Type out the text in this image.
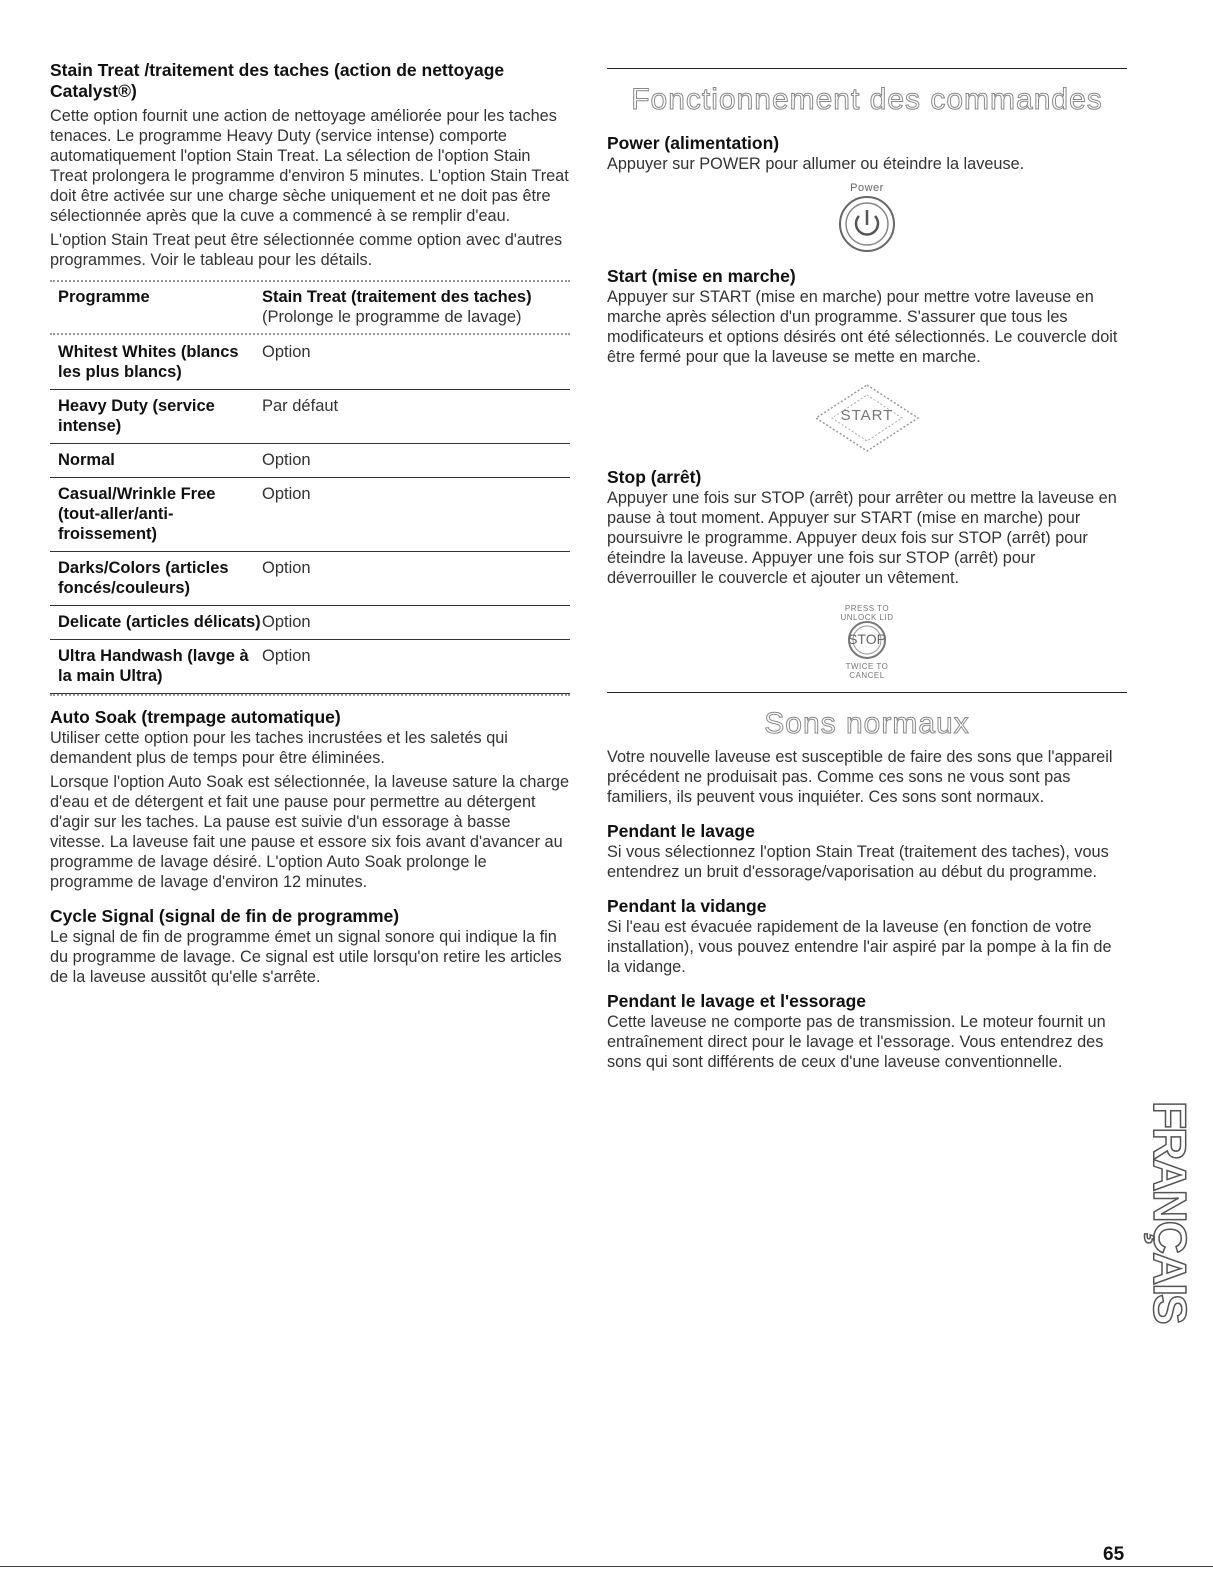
Stain Treat /traitement des taches (action de nettoyage Catalyst®)

Cette option fournit une action de nettoyage améliorée pour les taches tenaces. Le programme Heavy Duty (service intense) comporte automatiquement l'option Stain Treat. La sélection de l'option Stain Treat prolongera le programme d'environ 5 minutes. L'option Stain Treat doit être activée sur une charge sèche uniquement et ne doit pas être sélectionnée après que la cuve a commencé à se remplir d'eau.

L'option Stain Treat peut être sélectionnée comme option avec d'autres programmes. Voir le tableau pour les détails.

Programme	Stain Treat (traitement des taches)
(Prolonge le programme de lavage)
Whitest Whites (blancs les plus blancs)
Option
Heavy Duty (service intense)
Par défaut
Normal	Option
Casual/Wrinkle Free (tout-aller/anti-froissement)
Option
Darks/Colors (articles foncés/couleurs)
Option
Delicate (articles délicats) Option
Ultra Handwash (lavge à la main Ultra)
Option
Auto Soak (trempage automatique)

Utiliser cette option pour les taches incrustées et les saletés qui demandent plus de temps pour être éliminées.

Lorsque l'option Auto Soak est sélectionnée, la laveuse sature la charge d'eau et de détergent et fait une pause pour permettre au détergent d'agir sur les taches. La pause est suivie d'un essorage à basse vitesse. La laveuse fait une pause et essore six fois avant d'avancer au programme de lavage désiré. L'option Auto Soak prolonge le programme de lavage d'environ 12 minutes.

Cycle Signal (signal de fin de programme)

Le signal de fin de programme émet un signal sonore qui indique la fin du programme de lavage. Ce signal est utile lorsqu'on retire les articles de la laveuse aussitôt qu'elle s'arrête.

Fonctionnement des commandes
Power (alimentation)

Appuyer sur POWER pour allumer ou éteindre la laveuse.

Power
Start (mise en marche)

Appuyer sur START (mise en marche) pour mettre votre laveuse en marche après sélection d'un programme. S'assurer que tous les modificateurs et options désirés ont été sélectionnés. Le couvercle doit être fermé pour que la laveuse se mette en marche.

START
Stop (arrêt)

Appuyer une fois sur STOP (arrêt) pour arrêter ou mettre la laveuse en pause à tout moment. Appuyer sur START (mise en marche) pour poursuivre le programme. Appuyer deux fois sur STOP (arrêt) pour éteindre la laveuse. Appuyer une fois sur STOP (arrêt) pour déverrouiller le couvercle et ajouter un vêtement.

PRESS TO UNLOCK LID
STOP
TWICE TO CANCEL
Sons normaux

Votre nouvelle laveuse est susceptible de faire des sons que l'appareil précédent ne produisait pas. Comme ces sons ne vous sont pas familiers, ils peuvent vous inquiéter. Ces sons sont normaux.

Pendant le lavage

Si vous sélectionnez l'option Stain Treat (traitement des taches), vous entendrez un bruit d'essorage/vaporisation au début du programme.

Pendant la vidange

Si l'eau est évacuée rapidement de la laveuse (en fonction de votre installation), vous pouvez entendre l'air aspiré par la pompe à la fin de la vidange.

Pendant le lavage et l'essorage

Cette laveuse ne comporte pas de transmission. Le moteur fournit un entraînement direct pour le lavage et l'essorage. Vous entendrez des sons qui sont différents de ceux d'une laveuse conventionnelle.

FRANÇAIS
65
